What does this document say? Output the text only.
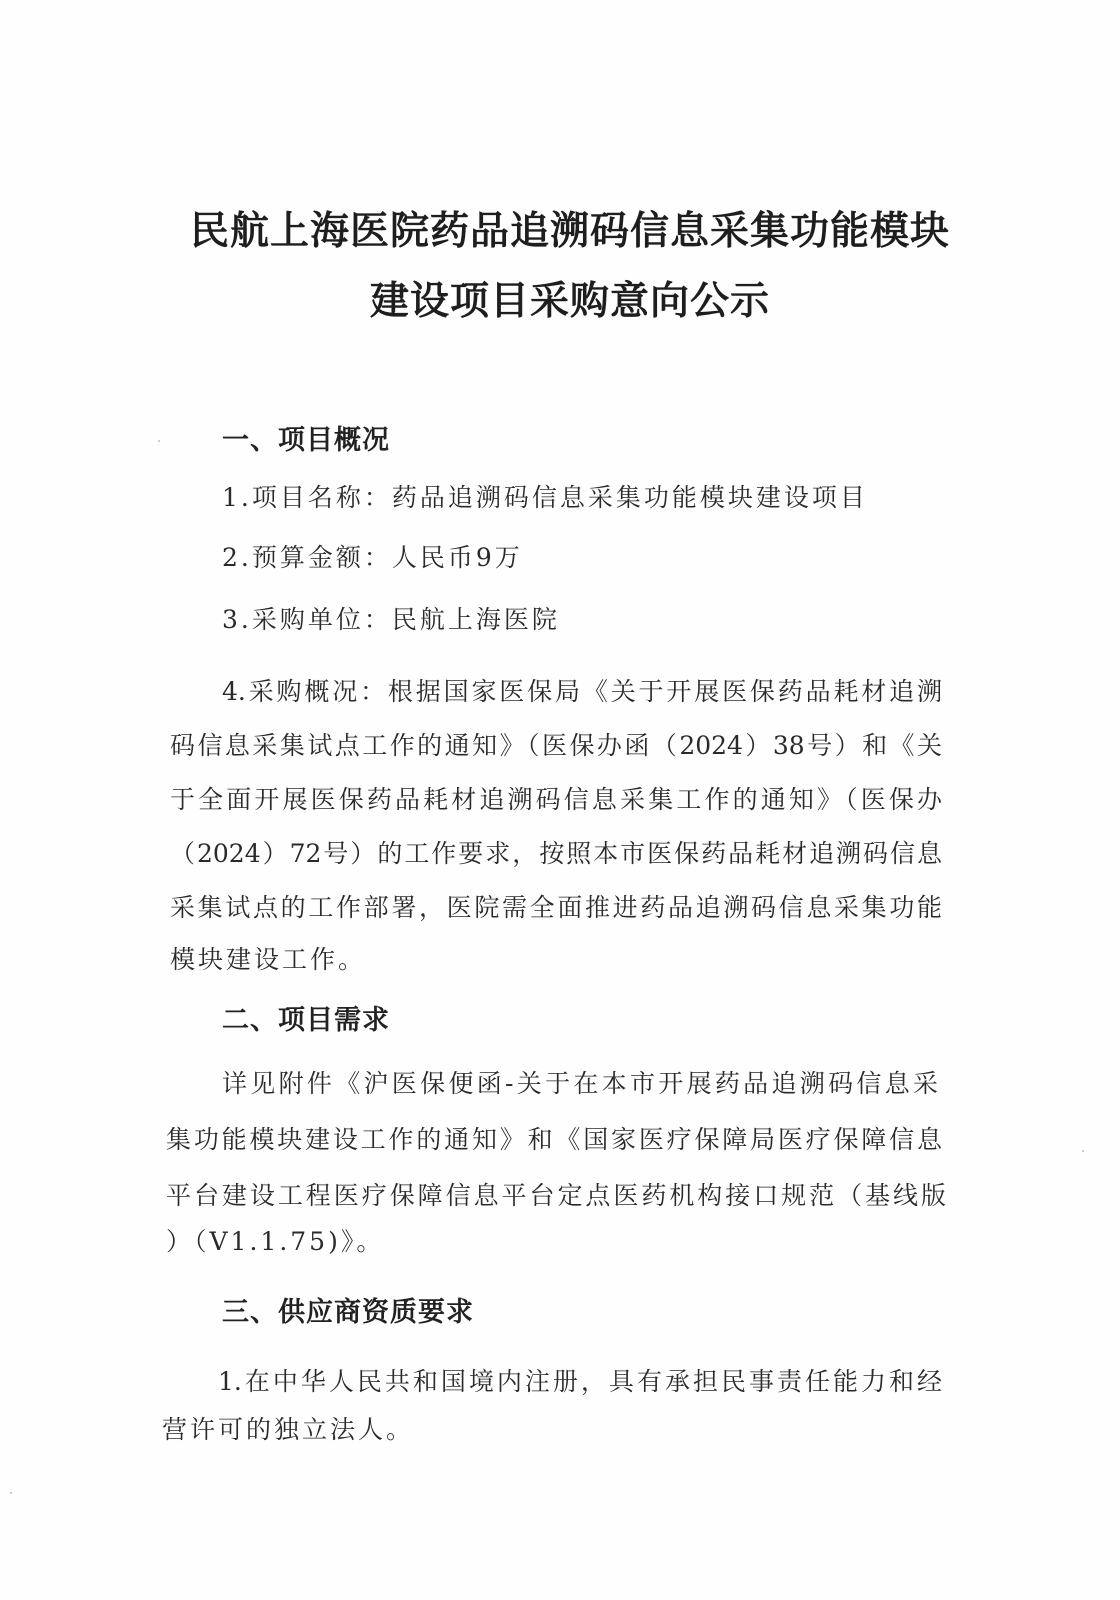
民航上海医院药品追溯码信息采集功能模块
建设项目采购意向公示
一、项目概况
1.项目名称：药品追溯码信息采集功能模块建设项目
2.预算金额：人民币9万
3.采购单位：民航上海医院
4.采购概况：根据国家医保局《关于开展医保药品耗材追溯
码信息采集试点工作的通知》（医保办函（2024）38号）和《关
于全面开展医保药品耗材追溯码信息采集工作的通知》（医保办
（2024）72号）的工作要求，按照本市医保药品耗材追溯码信息
采集试点的工作部署，医院需全面推进药品追溯码信息采集功能
模块建设工作。
二、项目需求
详见附件《沪医保便函-关于在本市开展药品追溯码信息采
集功能模块建设工作的通知》和《国家医疗保障局医疗保障信息
平台建设工程医疗保障信息平台定点医药机构接口规范（基线版
）（V1.1.75)》。
三、供应商资质要求
1.在中华人民共和国境内注册，具有承担民事责任能力和经
营许可的独立法人。
